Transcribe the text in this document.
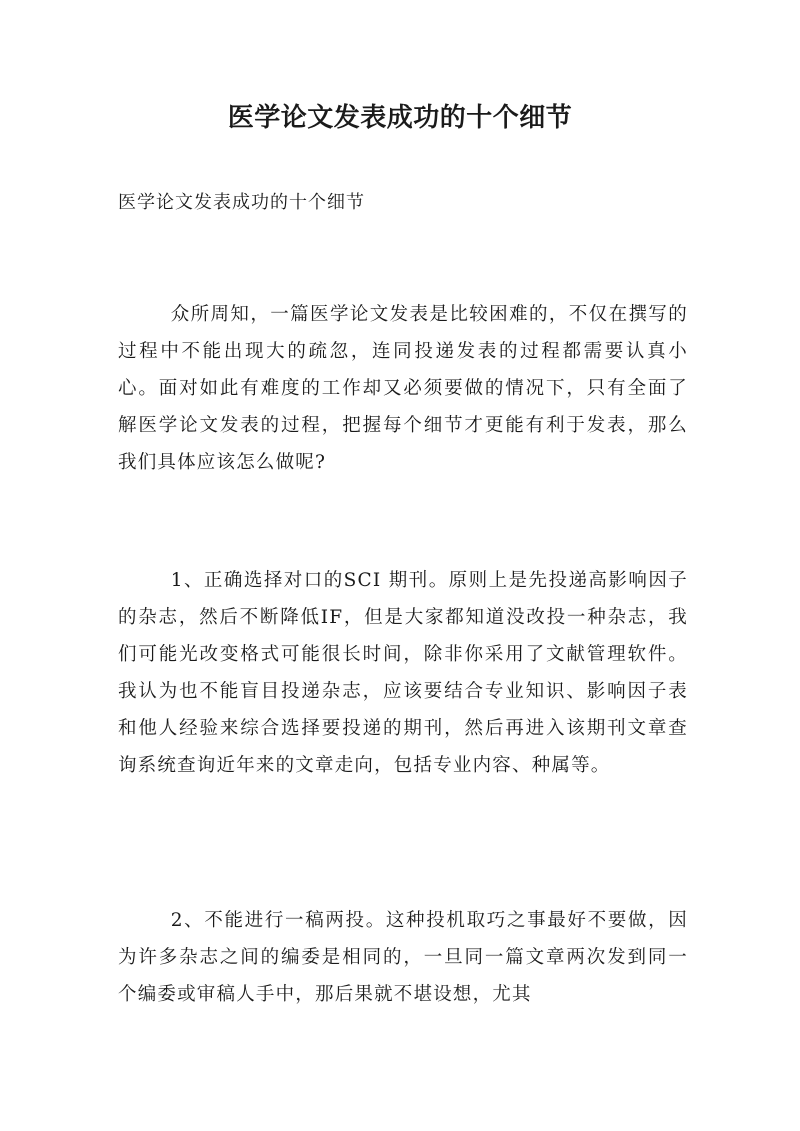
医学论文发表成功的十个细节

医学论文发表成功的十个细节

众所周知，一篇医学论文发表是比较困难的，不仅在撰写的过程中不能出现大的疏忽，连同投递发表的过程都需要认真小心。面对如此有难度的工作却又必须要做的情况下，只有全面了解医学论文发表的过程，把握每个细节才更能有利于发表，那么我们具体应该怎么做呢?

1、正确选择对口的SCI 期刊。原则上是先投递高影响因子的杂志，然后不断降低IF，但是大家都知道没改投一种杂志，我们可能光改变格式可能很长时间，除非你采用了文献管理软件。我认为也不能盲目投递杂志，应该要结合专业知识、影响因子表和他人经验来综合选择要投递的期刊，然后再进入该期刊文章查询系统查询近年来的文章走向，包括专业内容、种属等。

2、不能进行一稿两投。这种投机取巧之事最好不要做，因为许多杂志之间的编委是相同的，一旦同一篇文章两次发到同一个编委或审稿人手中，那后果就不堪设想，尤其
